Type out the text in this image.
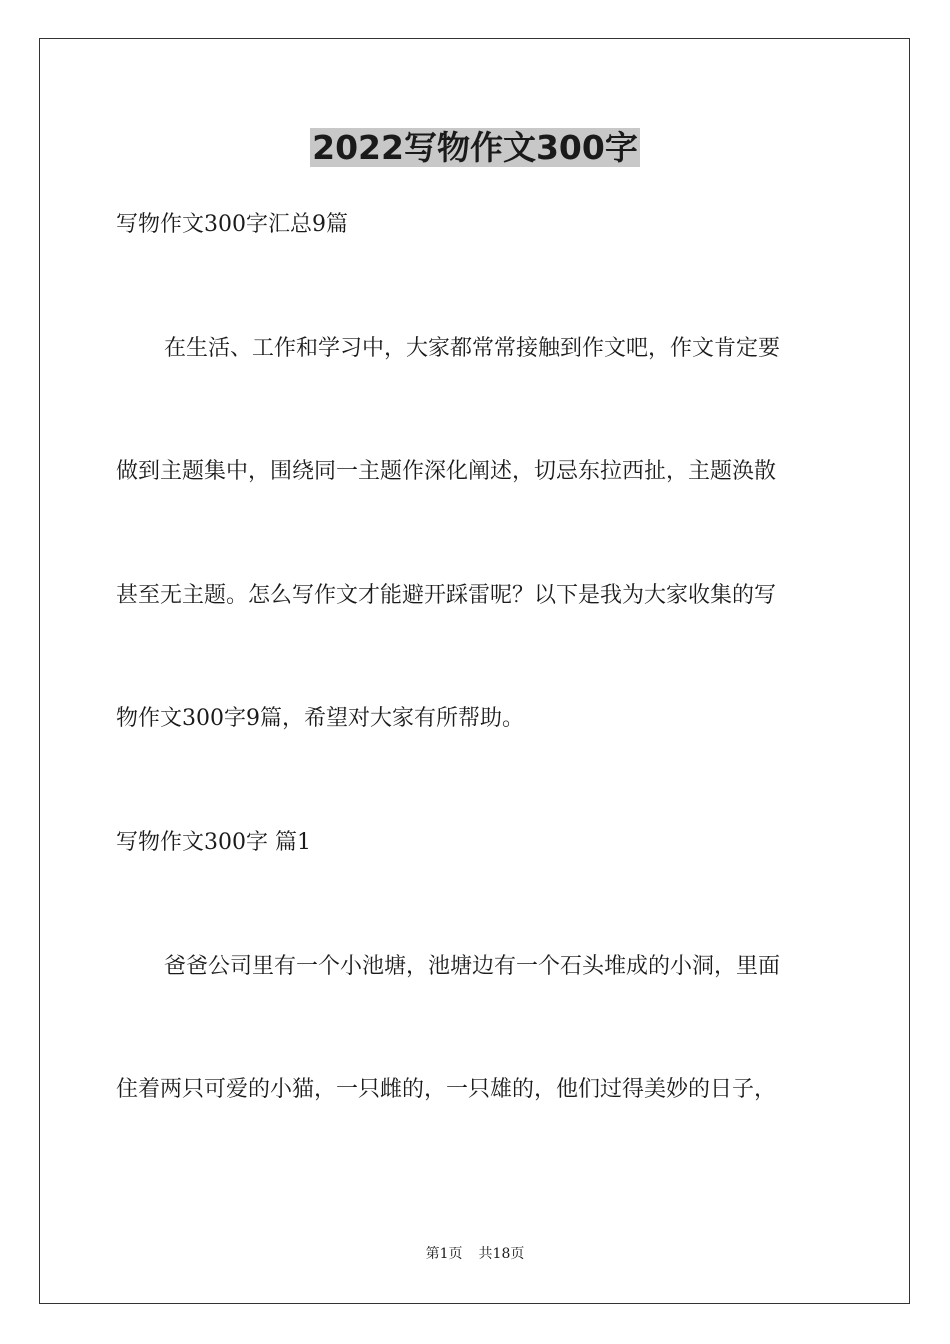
2022写物作文300字
写物作文300字汇总9篇
在生活、工作和学习中，大家都常常接触到作文吧，作文肯定要
做到主题集中，围绕同一主题作深化阐述，切忌东拉西扯，主题涣散
甚至无主题。怎么写作文才能避开踩雷呢？以下是我为大家收集的写
物作文300字9篇，希望对大家有所帮助。
写物作文300字 篇1
爸爸公司里有一个小池塘，池塘边有一个石头堆成的小洞，里面
住着两只可爱的小猫，一只雌的，一只雄的，他们过得美妙的日子，
第1页 共18页
